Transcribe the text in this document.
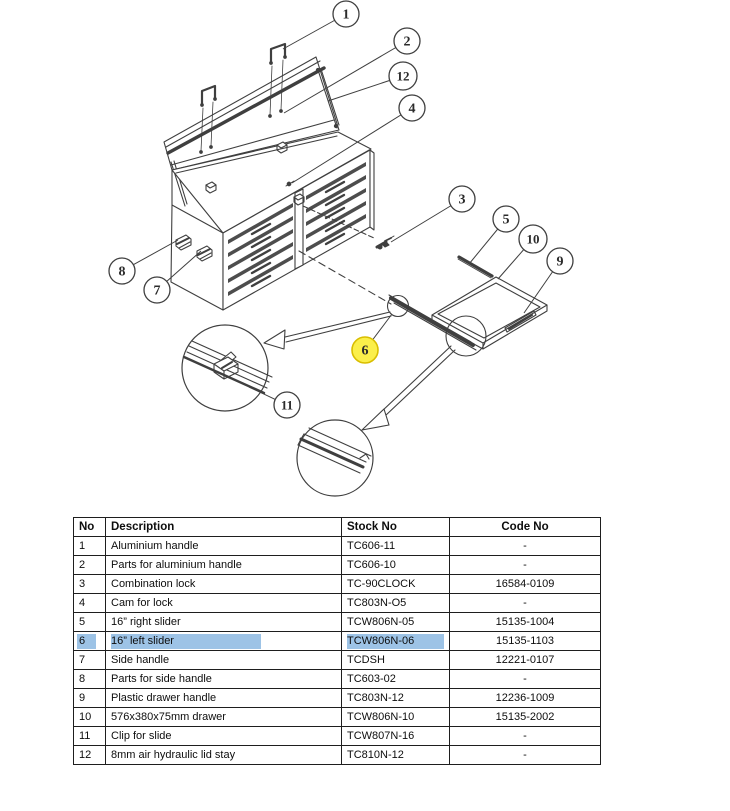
1
2
12
4
3
5
10
9
8
7
6
11
No	Description	Stock No	Code No
1	Aluminium handle	TC606-11	-
2	Parts for aluminium handle	TC606-10	-
3	Combination lock	TC-90CLOCK	16584-0109
4	Cam for lock	TC803N-O5	-
5	16” right slider	TCW806N-05	15135-1004
6	16” left slider	TCW806N-06	15135-1103
7	Side handle	TCDSH	12221-0107
8	Parts for side handle	TC603-02	-
9	Plastic drawer handle	TC803N-12	12236-1009
10	576x380x75mm drawer	TCW806N-10	15135-2002
11	Clip for slide	TCW807N-16	-
12	8mm air hydraulic lid stay	TC810N-12	-
